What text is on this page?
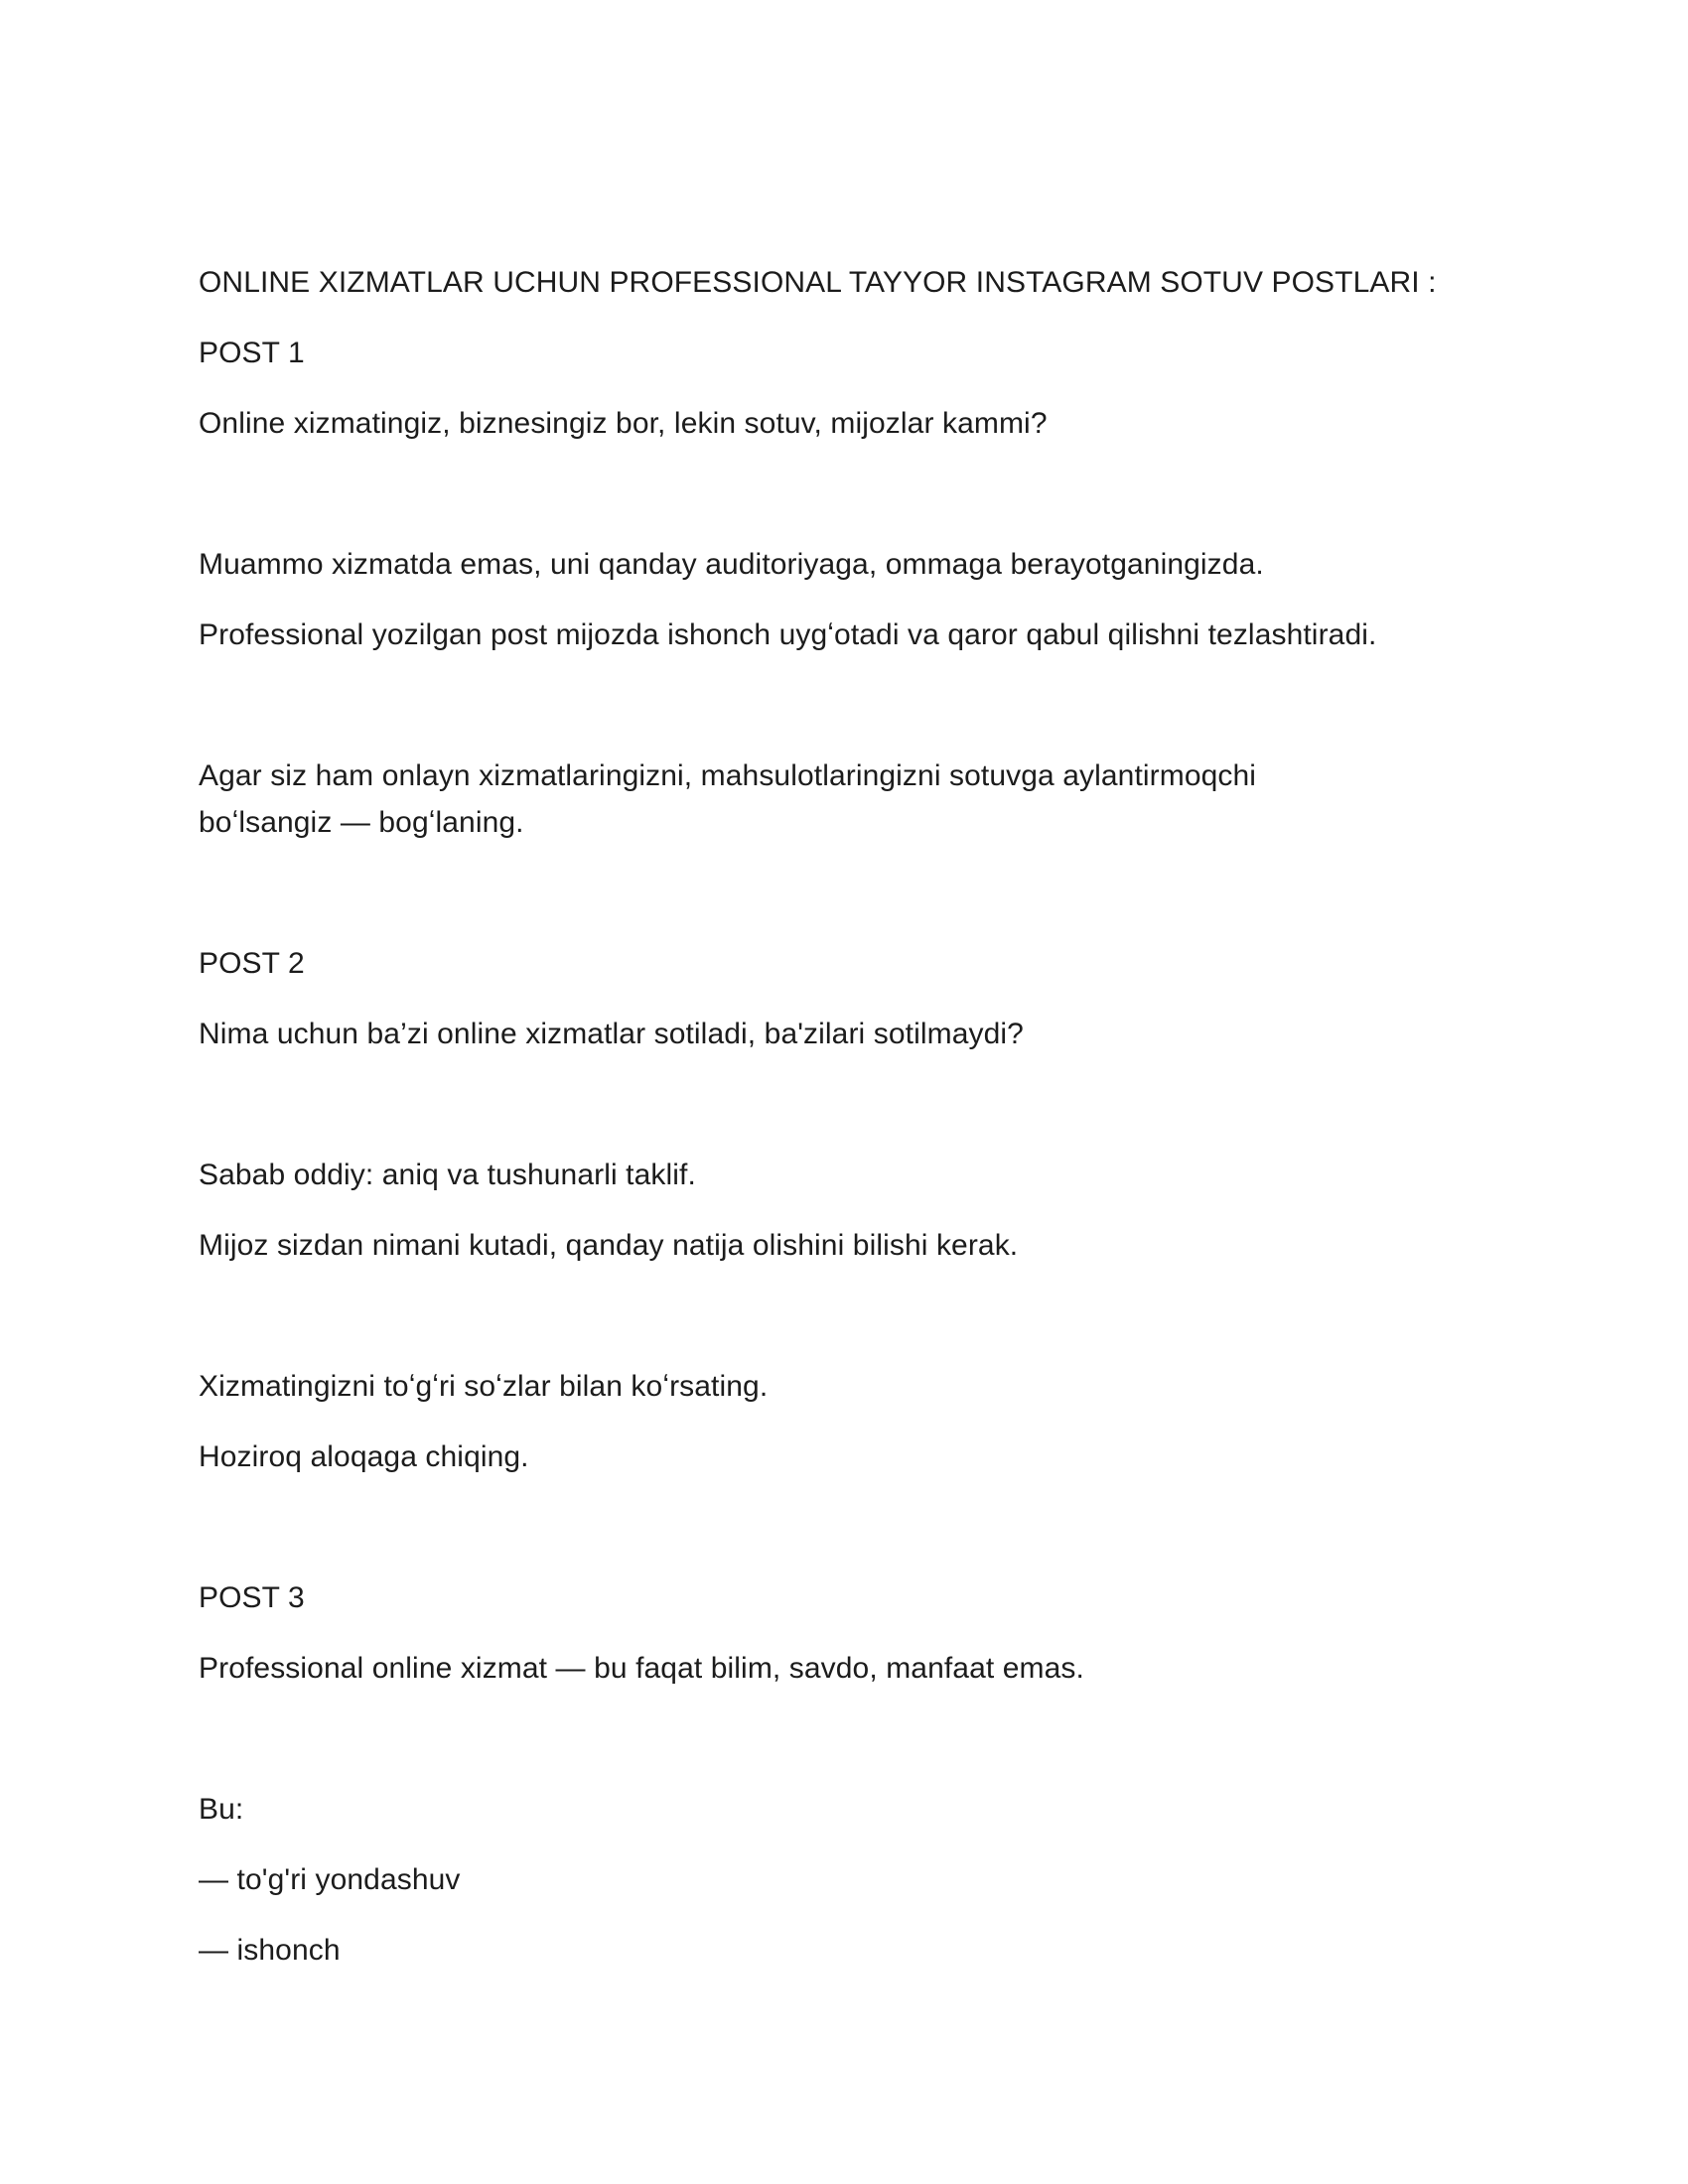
ONLINE XIZMATLAR UCHUN PROFESSIONAL TAYYOR INSTAGRAM SOTUV POSTLARI :
POST 1
Online xizmatingiz, biznesingiz bor, lekin sotuv, mijozlar kammi?
Muammo xizmatda emas, uni qanday auditoriyaga, ommaga berayotganingizda.
Professional yozilgan post mijozda ishonch uygʻotadi va qaror qabul qilishni tezlashtiradi.
Agar siz ham onlayn xizmatlaringizni, mahsulotlaringizni sotuvga aylantirmoqchi
boʻlsangiz — bogʻlaning.
POST 2
Nima uchun ba’zi online xizmatlar sotiladi, ba'zilari sotilmaydi?
Sabab oddiy: aniq va tushunarli taklif.
Mijoz sizdan nimani kutadi, qanday natija olishini bilishi kerak.
Xizmatingizni toʻgʻri soʻzlar bilan koʻrsating.
Hoziroq aloqaga chiqing.
POST 3
Professional online xizmat — bu faqat bilim, savdo, manfaat emas.
Bu:
— to'g'ri yondashuv
— ishonch
